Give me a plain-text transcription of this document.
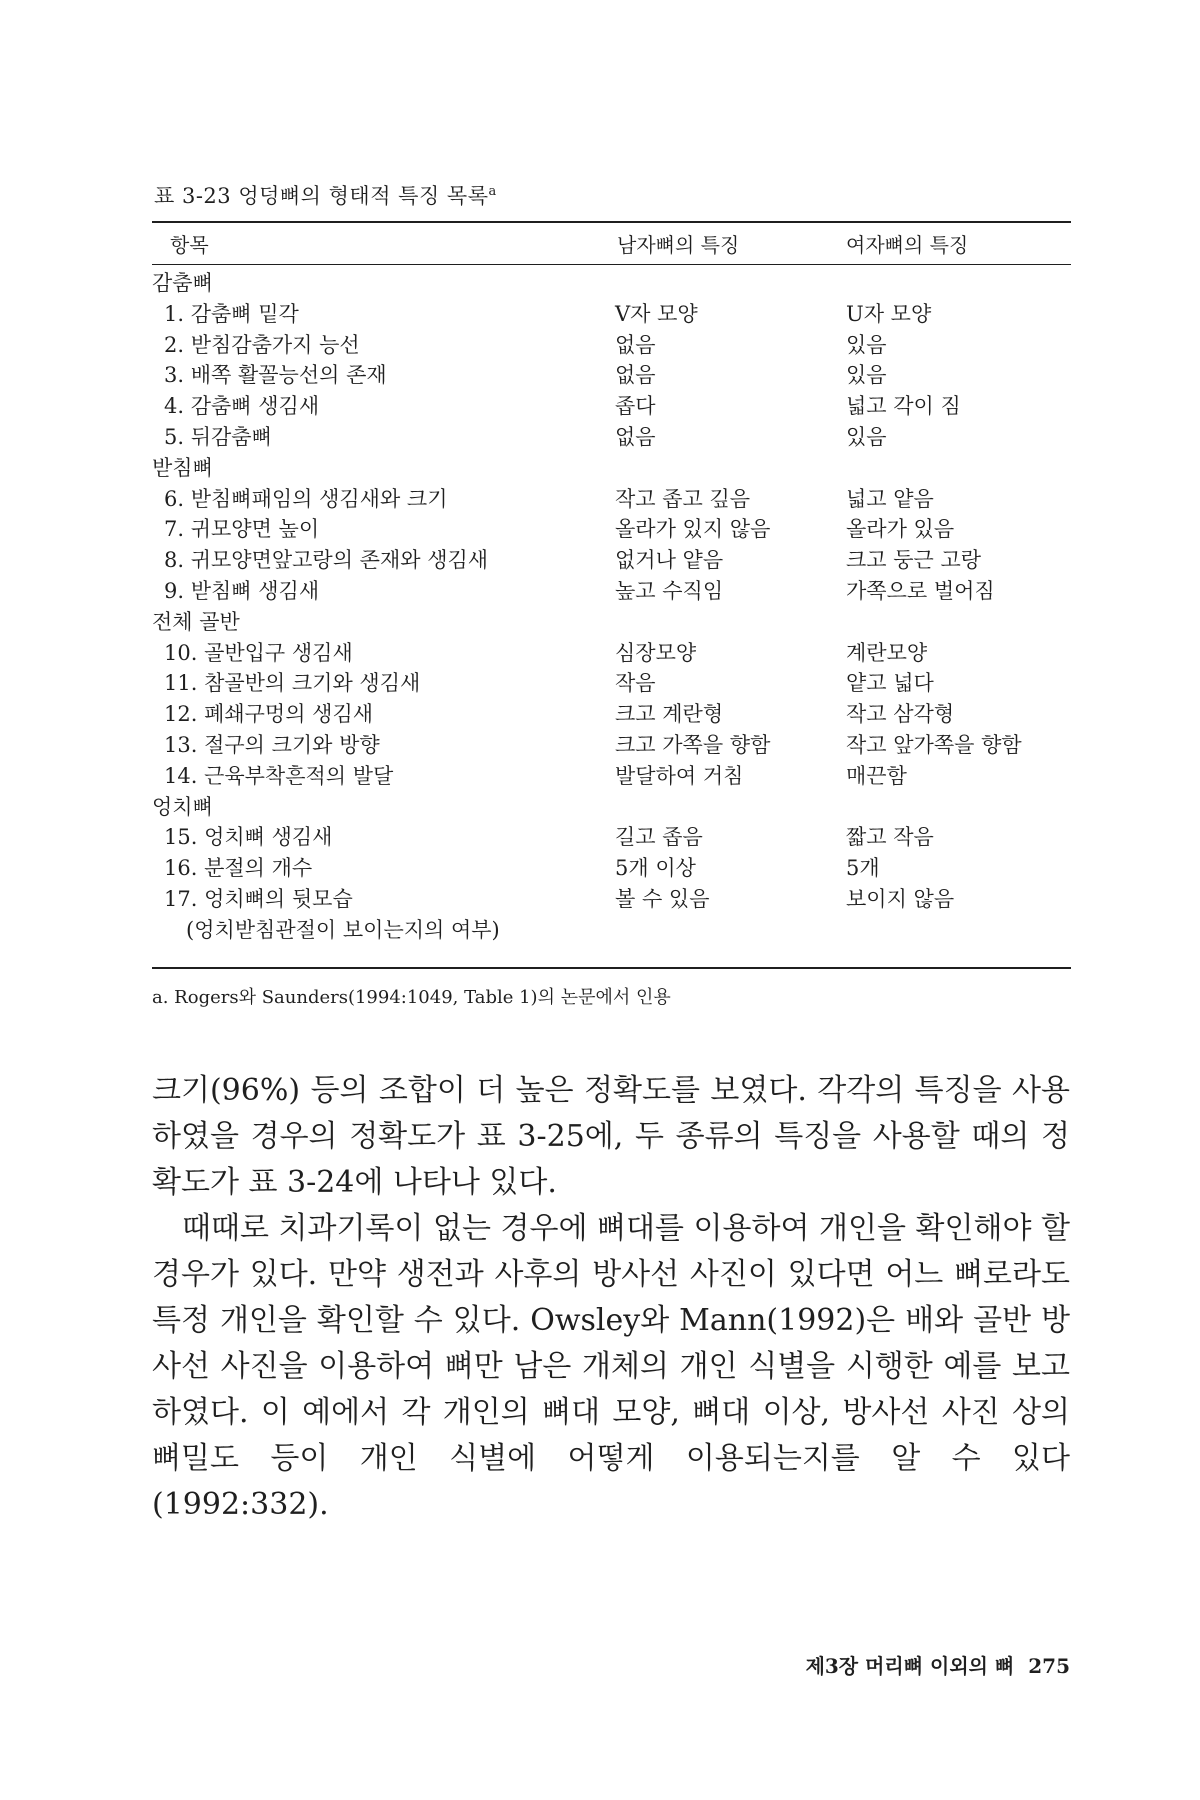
표 3-23 엉덩뼈의 형태적 특징 목록$^a$
항목	남자뼈의 특징	여자뼈의 특징
감춤뼈
1. 감춤뼈 밑각	V자 모양	U자 모양
2. 받침감춤가지 능선	없음	있음
3. 배쪽 활꼴능선의 존재	없음	있음
4. 감춤뼈 생김새	좁다	넓고 각이 짐
5. 뒤감춤뼈	없음	있음
받침뼈
6. 받침뼈패임의 생김새와 크기	작고 좁고 깊음	넓고 얕음
7. 귀모양면 높이	올라가 있지 않음	올라가 있음
8. 귀모양면앞고랑의 존재와 생김새	없거나 얕음	크고 둥근 고랑
9. 받침뼈 생김새	높고 수직임	가쪽으로 벌어짐
전체 골반
10. 골반입구 생김새	심장모양	계란모양
11. 참골반의 크기와 생김새	작음	얕고 넓다
12. 폐쇄구멍의 생김새	크고 계란형	작고 삼각형
13. 절구의 크기와 방향	크고 가쪽을 향함	작고 앞가쪽을 향함
14. 근육부착흔적의 발달	발달하여 거침	매끈함
엉치뼈
15. 엉치뼈 생김새	길고 좁음	짧고 작음
16. 분절의 개수	5개 이상	5개
17. 엉치뼈의 뒷모습	볼 수 있음	보이지 않음
(엉치받침관절이 보이는지의 여부)
a. Rogers와 Saunders(1994:1049, Table 1)의 논문에서 인용

크기(96%) 등의 조합이 더 높은 정확도를 보였다. 각각의 특징을 사용하였을 경우의 정확도가 표 3-25에, 두 종류의 특징을 사용할 때의 정확도가 표 3-24에 나타나 있다.

때때로 치과기록이 없는 경우에 뼈대를 이용하여 개인을 확인해야 할 경우가 있다. 만약 생전과 사후의 방사선 사진이 있다면 어느 뼈로라도 특정 개인을 확인할 수 있다. Owsley와 Mann(1992)은 배와 골반 방사선 사진을 이용하여 뼈만 남은 개체의 개인 식별을 시행한 예를 보고하였다. 이 예에서 각 개인의 뼈대 모양, 뼈대 이상, 방사선 사진 상의 뼈밀도 등이 개인 식별에 어떻게 이용되는지를 알 수 있다(1992:332).

제3장 머리뼈 이외의 뼈 275
